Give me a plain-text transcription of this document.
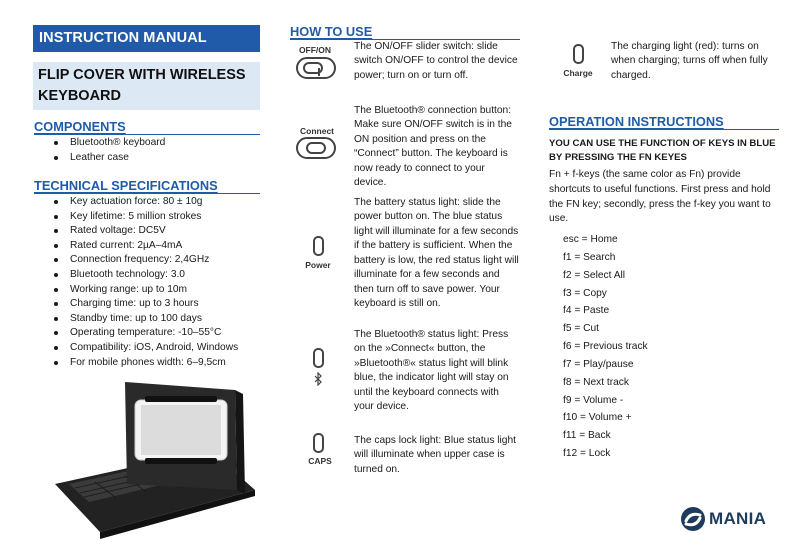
INSTRUCTION MANUAL
FLIP COVER WITH WIRELESS KEYBOARD
COMPONENTS
Bluetooth® keyboard
Leather case
TECHNICAL SPECIFICATIONS
Key actuation force: 80 ± 10g
Key lifetime: 5 million strokes
Rated voltage: DC5V
Rated current: 2µA–4mA
Connection frequency: 2,4GHz
Bluetooth technology: 3.0
Working range: up to 10m
Charging time: up to 3 hours
Standby time: up to 100 days
Operating temperature: -10–55°C
Compatibility: iOS, Android, Windows
For mobile phones width: 6–9,5cm
HOW TO USE
OFF/ON	The ON/OFF slider switch: slide switch ON/OFF to control the device power; turn on or turn off.
Connect
The Bluetooth® connection button: Make sure ON/OFF switch is in the ON position and press on the “Connect” button. The keyboard is now ready to connect to your device.
Power
The battery status light: slide the power button on. The blue status light will illuminate for a few seconds if the battery is sufficient. When the battery is low, the red status light will illuminate for a few seconds and then turn off to save power. Your keyboard is still on.
The Bluetooth® status light: Press on the »Connect« button, the »Bluetooth®« status light will blink blue, the indicator light will stay on until the keyboard connects with your device.
CAPS
The caps lock light: Blue status light will illuminate when upper case is turned on.
Charge
The charging light (red): turns on when charging; turns off when fully charged.
OPERATION INSTRUCTIONS
YOU CAN USE THE FUNCTION OF KEYS IN BLUE BY PRESSING THE FN KEYES
Fn + f-keys (the same color as Fn) provide shortcuts to useful functions. First press and hold the FN key; secondly, press the f-key you want to use.
esc = Home
f1 = Search
f2 = Select All
f3 = Copy
f4 = Paste
f5 = Cut
f6 = Previous track
f7 = Play/pause
f8 = Next track
f9 = Volume -
f10 = Volume +
f11 = Back
f12 = Lock
MANIA
